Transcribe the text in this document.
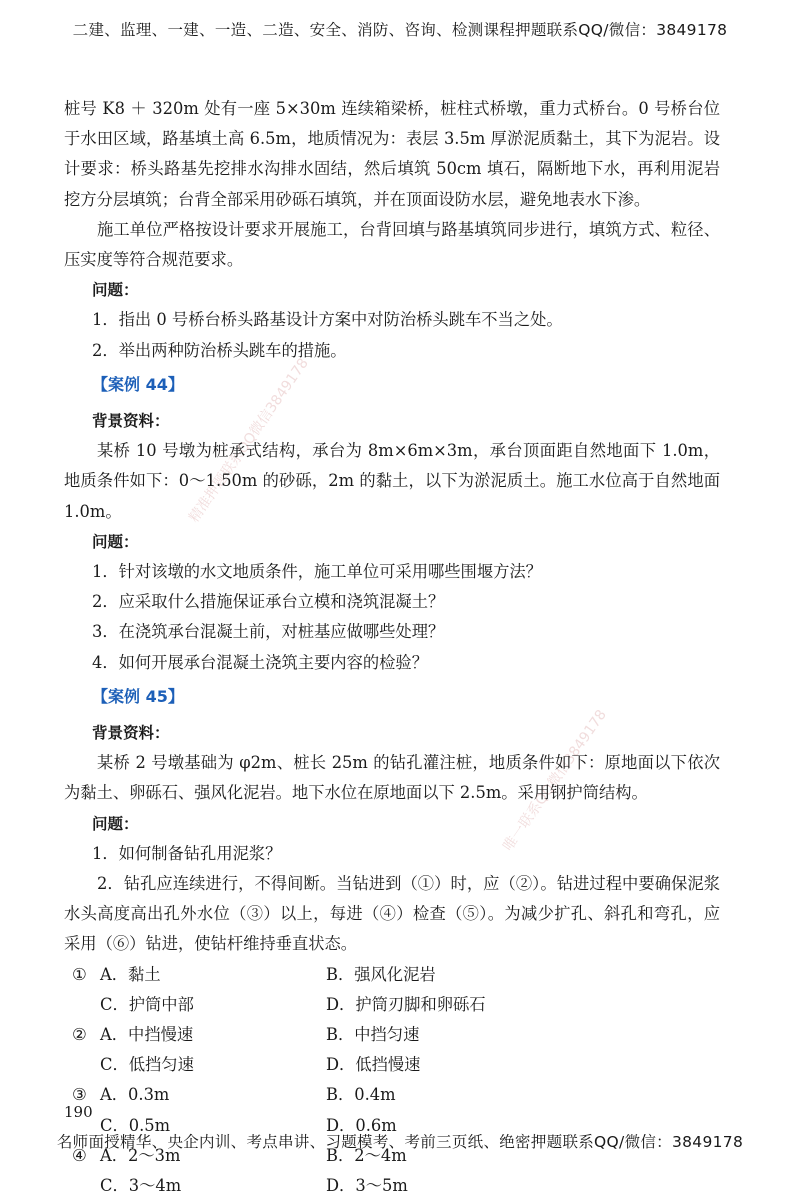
二建、监理、一建、一造、二造、安全、消防、咨询、检测课程押题联系QQ/微信：3849178
精准押题联系QQ微信3849178
唯一联系QQ微信3849178

桩号 K8 ＋ 320m 处有一座 5×30m 连续箱梁桥，桩柱式桥墩，重力式桥台。0 号桥台位于水田区域，路基填土高 6.5m，地质情况为：表层 3.5m 厚淤泥质黏土，其下为泥岩。设计要求：桥头路基先挖排水沟排水固结，然后填筑 50cm 填石，隔断地下水，再利用泥岩挖方分层填筑；台背全部采用砂砾石填筑，并在顶面设防水层，避免地表水下渗。

施工单位严格按设计要求开展施工，台背回填与路基填筑同步进行，填筑方式、粒径、压实度等符合规范要求。

问题：

1．指出 0 号桥台桥头路基设计方案中对防治桥头跳车不当之处。

2．举出两种防治桥头跳车的措施。

【案例 44】

背景资料：

某桥 10 号墩为桩承式结构，承台为 8m×6m×3m，承台顶面距自然地面下 1.0m，地质条件如下：0～1.50m 的砂砾，2m 的黏土，以下为淤泥质土。施工水位高于自然地面 1.0m。

问题：

1．针对该墩的水文地质条件，施工单位可采用哪些围堰方法？

2．应采取什么措施保证承台立模和浇筑混凝土？

3．在浇筑承台混凝土前，对桩基应做哪些处理？

4．如何开展承台混凝土浇筑主要内容的检验？

【案例 45】

背景资料：

某桥 2 号墩基础为 φ2m、桩长 25m 的钻孔灌注桩，地质条件如下：原地面以下依次为黏土、卵砾石、强风化泥岩。地下水位在原地面以下 2.5m。采用钢护筒结构。

问题：

1．如何制备钻孔用泥浆？

2．钻孔应连续进行，不得间断。当钻进到（①）时，应（②）。钻进过程中要确保泥浆水头高度高出孔外水位（③）以上，每进（④）检查（⑤）。为减少扩孔、斜孔和弯孔，应采用（⑥）钻进，使钻杆维持垂直状态。

① A．黏土	B．强风化泥岩
C．护筒中部	D．护筒刃脚和卵砾石
② A．中挡慢速	B．中挡匀速
C．低挡匀速	D．低挡慢速
③ A．0.3m	B．0.4m
C．0.5m	D．0.6m
④ A．2～3m	B．2～4m
C．3～4m	D．3～5m
190
名师面授精华、央企内训、考点串讲、习题模考、考前三页纸、绝密押题联系QQ/微信：3849178
